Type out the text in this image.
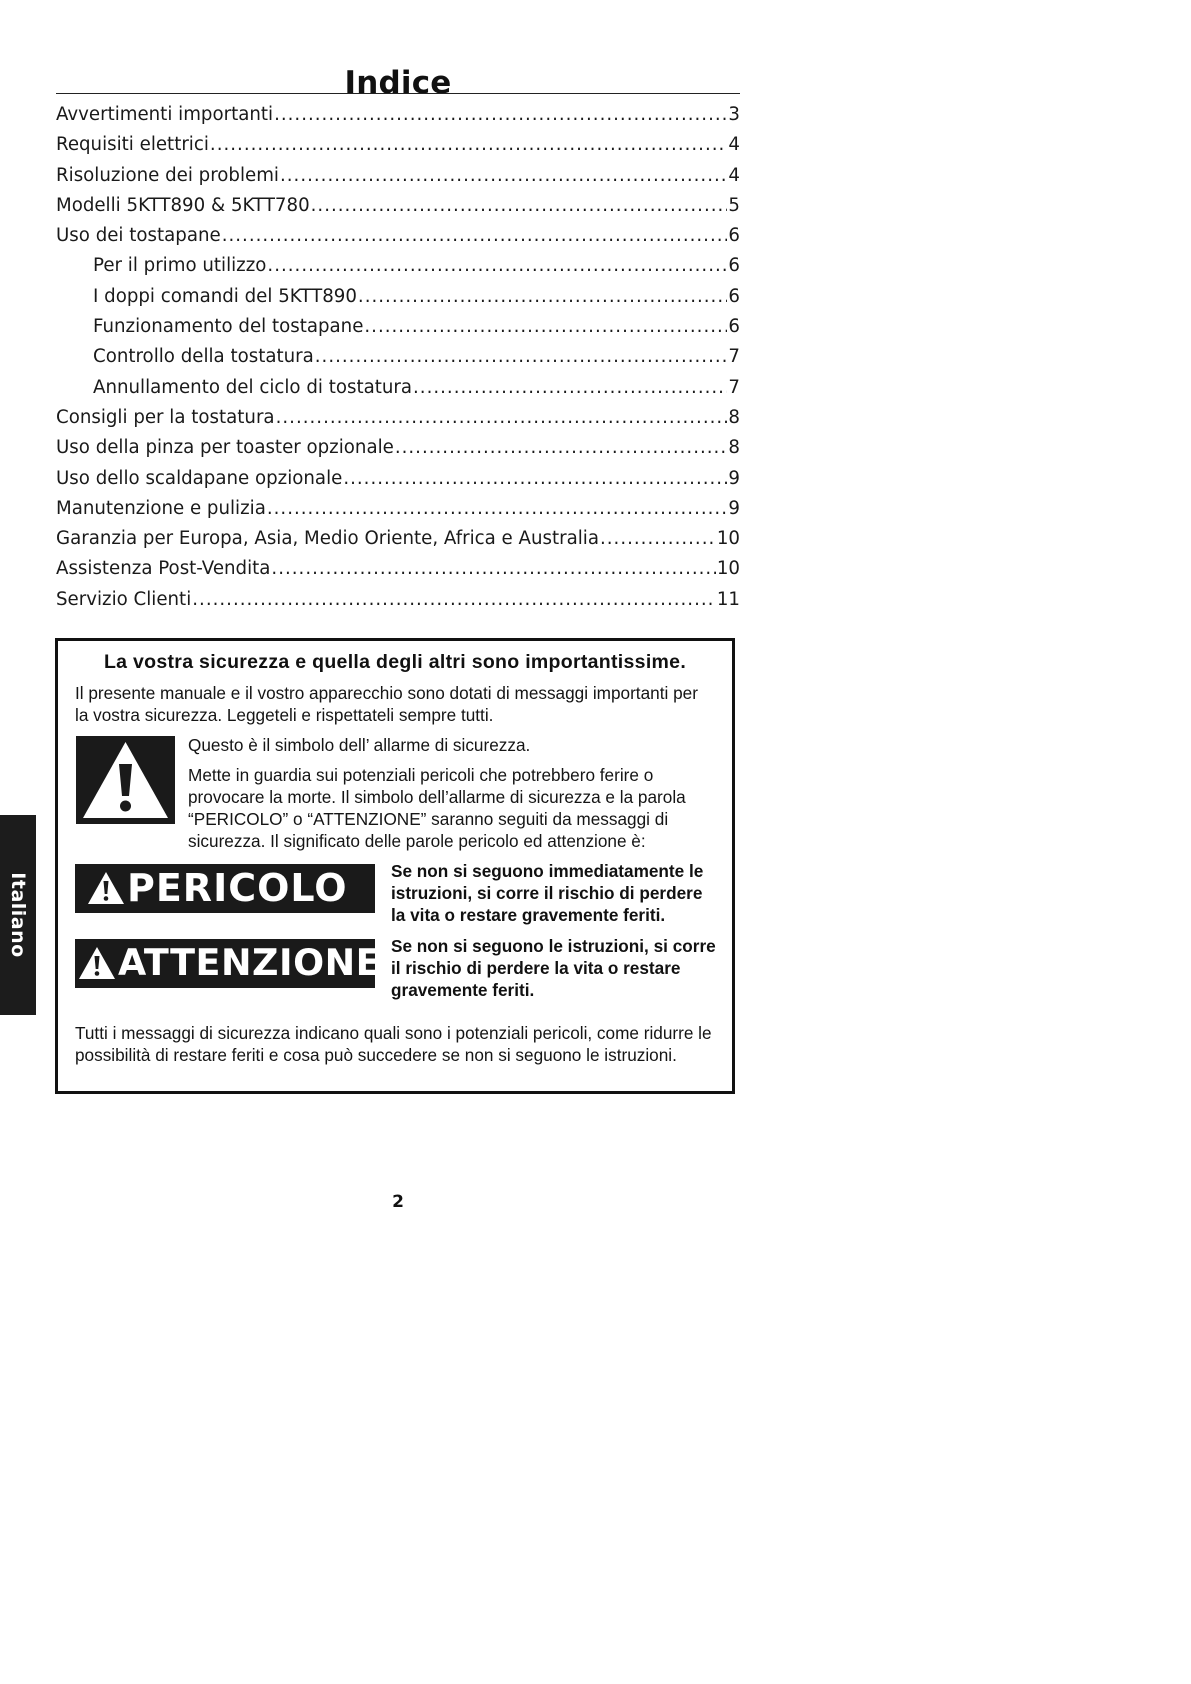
Indice
Avvertimenti importanti .....	3
Requisiti elettrici .....	4
Risoluzione dei problemi .....	4
Modelli 5KTT890 & 5KTT780 .....	5
Uso dei tostapane .....	6
Per il primo utilizzo .....	6
I doppi comandi del 5KTT890 .....	6
Funzionamento del tostapane .....	6
Controllo della tostatura .....	7
Annullamento del ciclo di tostatura .....	7
Consigli per la tostatura .....	8
Uso della pinza per toaster opzionale .....	8
Uso dello scaldapane opzionale .....	9
Manutenzione e pulizia .....	9
Garanzia per Europa, Asia, Medio Oriente, Africa e Australia .....	10
Assistenza Post-Vendita .....	10
Servizio Clienti .....	11
Italiano
La vostra sicurezza e quella degli altri sono importantissime.

Il presente manuale e il vostro apparecchio sono dotati di messaggi importanti per la vostra sicurezza. Leggeteli e rispettateli sempre tutti.

Questo è il simbolo dell’ allarme di sicurezza.

Mette in guardia sui potenziali pericoli che potrebbero ferire o provocare la morte. Il simbolo dell’allarme di sicurezza e la parola “PERICOLO” o “ATTENZIONE” saranno seguiti da messaggi di sicurezza. Il significato delle parole pericolo ed attenzione è:

PERICOLO	Se non si seguono immediatamente le istruzioni, si corre il rischio di perdere la vita o restare gravemente feriti.

ATTENZIONE Se non si seguono le istruzioni, si corre il rischio di perdere la vita o restare gravemente feriti.

Tutti i messaggi di sicurezza indicano quali sono i potenziali pericoli, come ridurre le possibilità di restare feriti e cosa può succedere se non si seguono le istruzioni.

2
